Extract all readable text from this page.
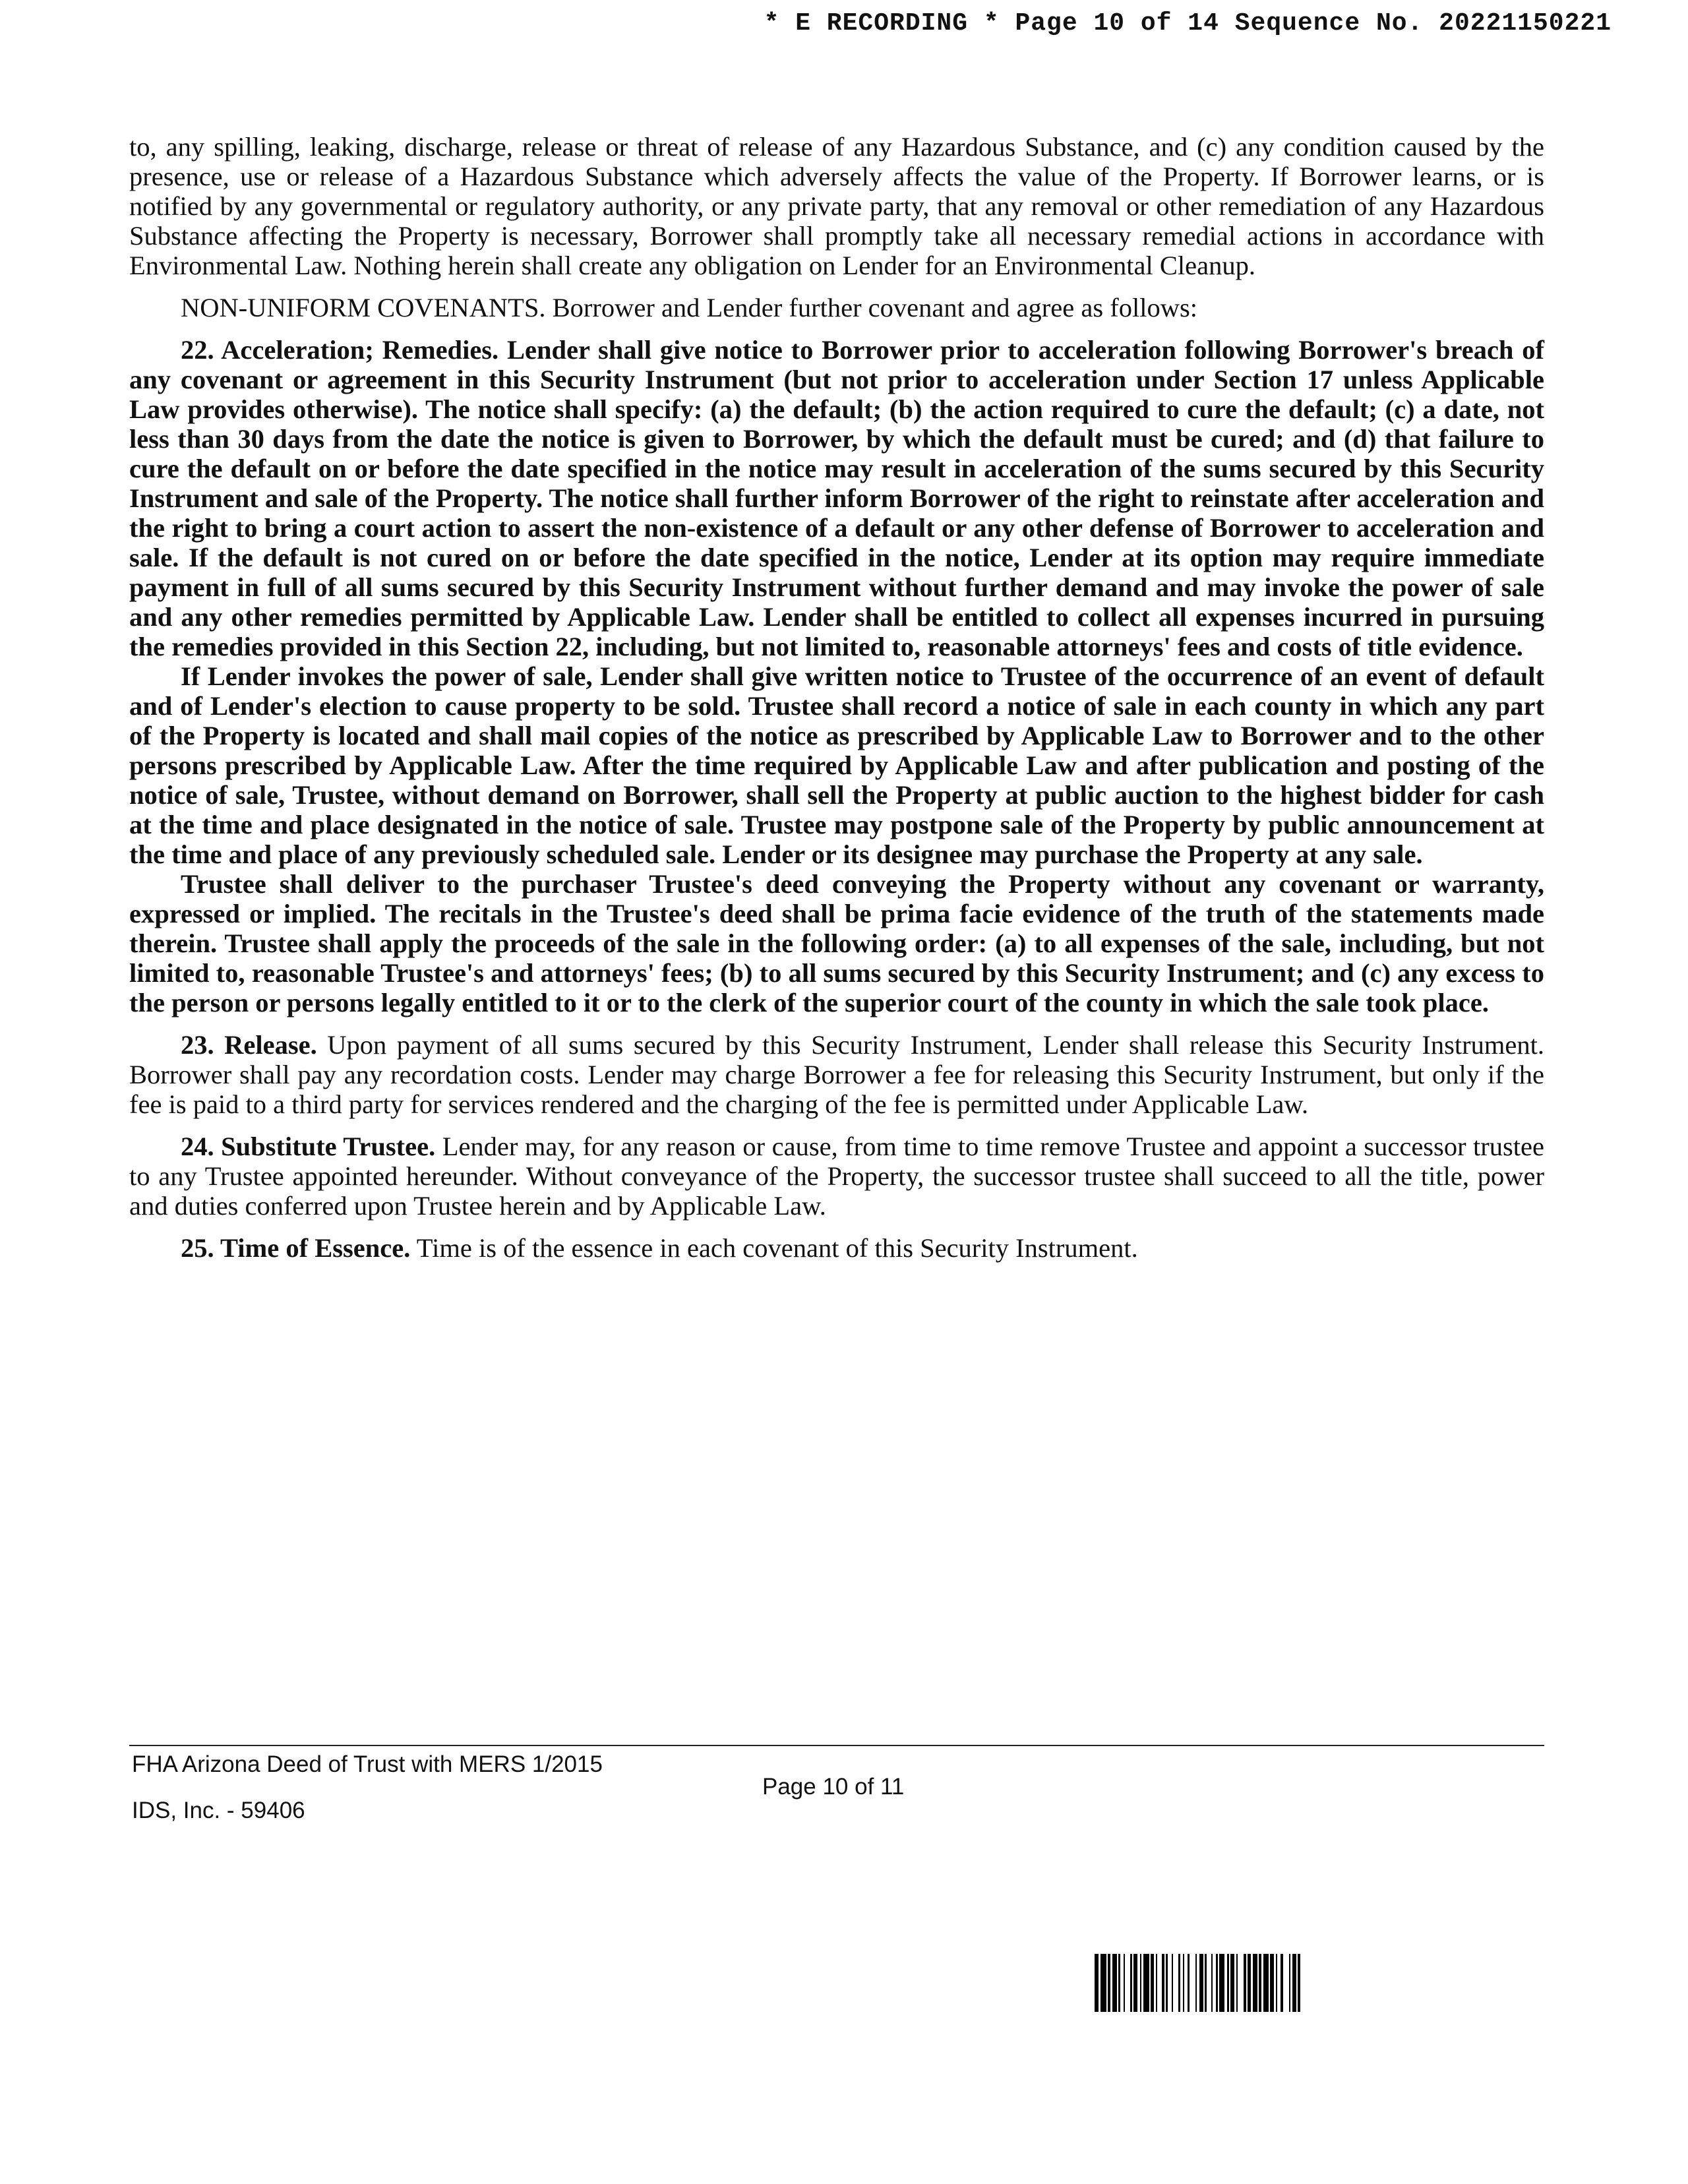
* E RECORDING * Page 10 of 14 Sequence No. 20221150221

to, any spilling, leaking, discharge, release or threat of release of any Hazardous Substance, and (c) any condition caused by the presence, use or release of a Hazardous Substance which adversely affects the value of the Property. If Borrower learns, or is notified by any governmental or regulatory authority, or any private party, that any removal or other remediation of any Hazardous Substance affecting the Property is necessary, Borrower shall promptly take all necessary remedial actions in accordance with Environmental Law. Nothing herein shall create any obligation on Lender for an Environmental Cleanup.

NON-UNIFORM COVENANTS. Borrower and Lender further covenant and agree as follows:

22. Acceleration; Remedies. Lender shall give notice to Borrower prior to acceleration following Borrower's breach of any covenant or agreement in this Security Instrument (but not prior to acceleration under Section 17 unless Applicable Law provides otherwise). The notice shall specify: (a) the default; (b) the action required to cure the default; (c) a date, not less than 30 days from the date the notice is given to Borrower, by which the default must be cured; and (d) that failure to cure the default on or before the date specified in the notice may result in acceleration of the sums secured by this Security Instrument and sale of the Property. The notice shall further inform Borrower of the right to reinstate after acceleration and the right to bring a court action to assert the non-existence of a default or any other defense of Borrower to acceleration and sale. If the default is not cured on or before the date specified in the notice, Lender at its option may require immediate payment in full of all sums secured by this Security Instrument without further demand and may invoke the power of sale and any other remedies permitted by Applicable Law. Lender shall be entitled to collect all expenses incurred in pursuing the remedies provided in this Section 22, including, but not limited to, reasonable attorneys' fees and costs of title evidence.

If Lender invokes the power of sale, Lender shall give written notice to Trustee of the occurrence of an event of default and of Lender's election to cause property to be sold. Trustee shall record a notice of sale in each county in which any part of the Property is located and shall mail copies of the notice as prescribed by Applicable Law to Borrower and to the other persons prescribed by Applicable Law. After the time required by Applicable Law and after publication and posting of the notice of sale, Trustee, without demand on Borrower, shall sell the Property at public auction to the highest bidder for cash at the time and place designated in the notice of sale. Trustee may postpone sale of the Property by public announcement at the time and place of any previously scheduled sale. Lender or its designee may purchase the Property at any sale.

Trustee shall deliver to the purchaser Trustee's deed conveying the Property without any covenant or warranty, expressed or implied. The recitals in the Trustee's deed shall be prima facie evidence of the truth of the statements made therein. Trustee shall apply the proceeds of the sale in the following order: (a) to all expenses of the sale, including, but not limited to, reasonable Trustee's and attorneys' fees; (b) to all sums secured by this Security Instrument; and (c) any excess to the person or persons legally entitled to it or to the clerk of the superior court of the county in which the sale took place.

23. Release. Upon payment of all sums secured by this Security Instrument, Lender shall release this Security Instrument. Borrower shall pay any recordation costs. Lender may charge Borrower a fee for releasing this Security Instrument, but only if the fee is paid to a third party for services rendered and the charging of the fee is permitted under Applicable Law.

24. Substitute Trustee. Lender may, for any reason or cause, from time to time remove Trustee and appoint a successor trustee to any Trustee appointed hereunder. Without conveyance of the Property, the successor trustee shall succeed to all the title, power and duties conferred upon Trustee herein and by Applicable Law.

25. Time of Essence. Time is of the essence in each covenant of this Security Instrument.

FHA Arizona Deed of Trust with MERS 1/2015
IDS, Inc. - 59406
Page 10 of 11
